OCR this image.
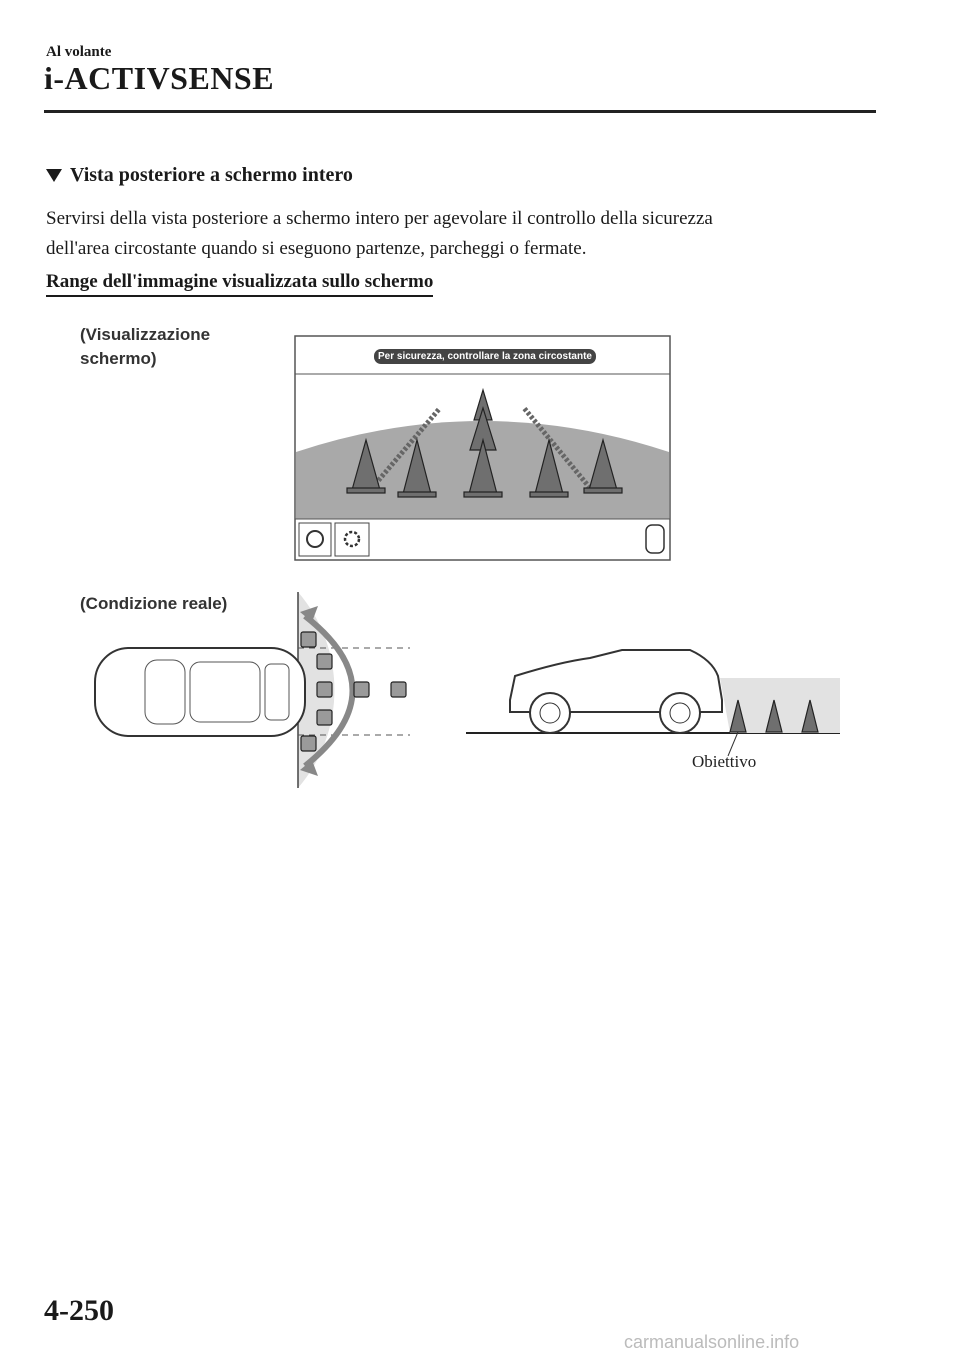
Al volante
i-ACTIVSENSE
Vista posteriore a schermo intero

Servirsi della vista posteriore a schermo intero per agevolare il controllo della sicurezza

dell'area circostante quando si eseguono partenze, parcheggi o fermate.

Range dell'immagine visualizzata sullo schermo
(Visualizzazione
schermo)	Per sicurezza, controllare la zona circostante
(Condizione reale)
Obiettivo
4-250
carmanualsonline.info
